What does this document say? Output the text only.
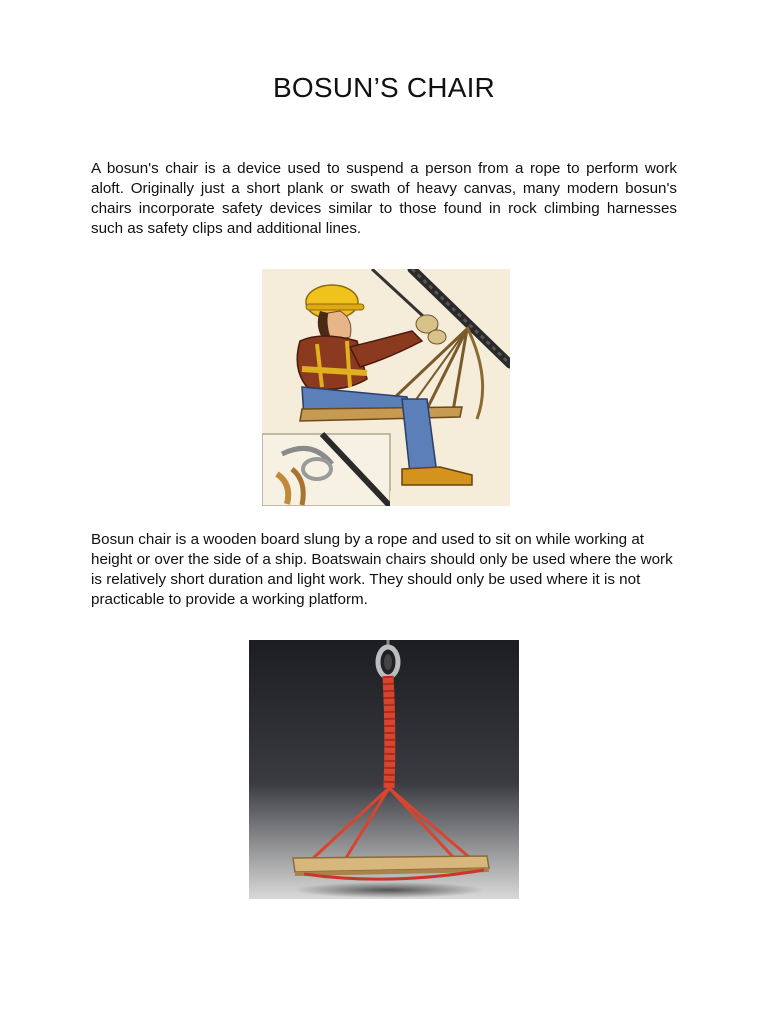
BOSUN’S CHAIR

A bosun's chair is a device used to suspend a person from a rope to perform work aloft. Originally just a short plank or swath of heavy canvas, many modern bosun's chairs incorporate safety devices similar to those found in rock climbing harnesses such as safety clips and additional lines.

Bosun chair is a wooden board slung by a rope and used to sit on while working at height or over the side of a ship. Boatswain chairs should only be used where the work is relatively short duration and light work. They should only be used where it is not practicable to provide a working platform.
